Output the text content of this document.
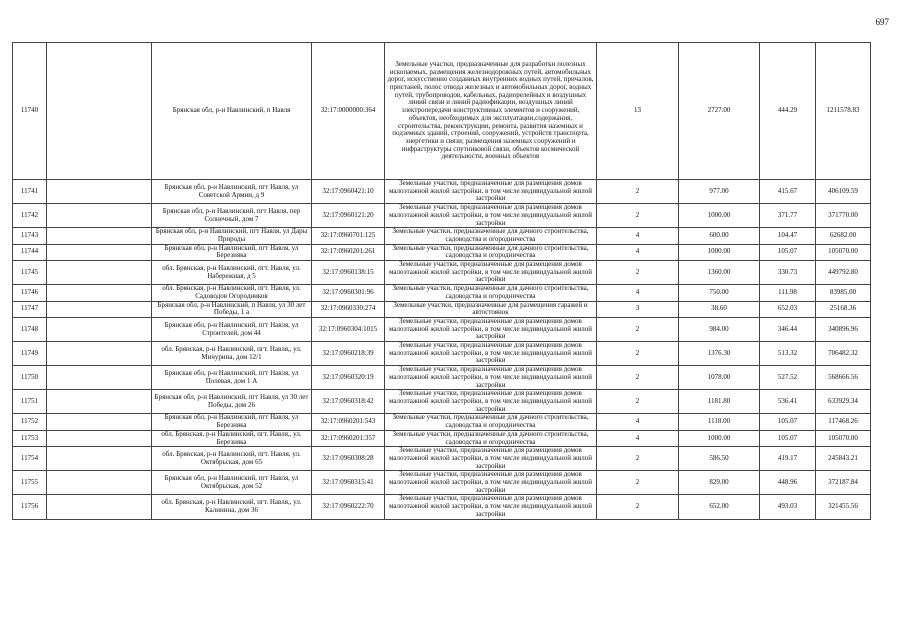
697
11740		Брянская обл, р-н Навлинский, п Навля	32:17:0000000:364	Земельные участки, предназначенные для разработки полезных ископаемых, размещения железнодорожных путей, автомобильных дорог, искусственно созданных внутренних водных путей, причалов, пристаней, полос отвода железных и автомобильных дорог, водных путей, трубопроводов, кабельных, радиорелейных и воздушных линий связи и линий радиофикации, воздушных линий электропередачи конструктивных элементов и сооружений, объектов, необходимых для эксплуатации,содержания, строительства, реконструкции, ремонта, развития наземных и подземных зданий, строений, сооружений, устройств транспорта, энергетики и связи; размещения наземных сооружений и инфраструктуры спутниковой связи, объектов космической деятельности, военных объектов	13	2727.00	444.29	1211578.83
11741		Брянская обл, р-н Навлинский, пгт Навля, ул Советской Армии, д 9	32:17:0960421:10	Земельные участки, предназначенные для размещения домов малоэтажной жилой застройки, в том числе индивидуальной жилой застройки	2	977.00	415.67	406109.59
11742		Брянская обл, р-н Навлинский, пгт Навля, пер Солнечный, дом 7	32:17:0960121:20	Земельные участки, предназначенные для размещения домов малоэтажной жилой застройки, в том числе индивидуальной жилой застройки	2	1000.00	371.77	371770.00
11743		Брянская обл, р-н Навлинский, пгт Навля, ул Дары Природы	32:17:0960701:125	Земельные участки, предназначенные для дачного строительства, садоводства и огородничества	4	600.00	104.47	62682.00
11744		Брянская обл, р-н Навлинский, пгт Навля, ул Березняка	32:17:0960201:261	Земельные участки, предназначенные для дачного строительства, садоводства и огородничества	4	1000.00	105.07	105070.00
11745		обл. Брянская, р-н Навлинский, пгт. Навля, ул. Набережная, д 5	32:17:0960138:15	Земельные участки, предназначенные для размещения домов малоэтажной жилой застройки, в том числе индивидуальной жилой застройки	2	1360.00	330.73	449792.80
11746		обл. Брянская, р-н Навлинский, пгт. Навля, ул. Садоводов Огородников	32:17:0960301:96	Земельные участки, предназначенные для дачного строительства, садоводства и огородничества	4	750.00	111.98	83985.00
11747		Брянская обл, р-н Навлинский, п Навля, ул 30 лет Победы, 1 а	32:17:0960330:274	Земельные участки, предназначенные для размещения гаражей и автостоянок	3	38.60	652.03	25168.36
11748		Брянская обл, р-н Навлинский, пгт Навля, ул Строителей, дом 44	32:17:0960304:1015	Земельные участки, предназначенные для размещения домов малоэтажной жилой застройки, в том числе индивидуальной жилой застройки	2	984.00	346.44	340896.96
11749		обл. Брянская, р-н Навлинский, пгт. Навля,, ул. Мичурина, дом 12/1	32:17:0960218:39	Земельные участки, предназначенные для размещения домов малоэтажной жилой застройки, в том числе индивидуальной жилой застройки	2	1376.30	513.32	706482.32
11750		Брянская обл, р-н Навлинский, пгт Навля, ул Полевая, дом 1 А	32:17:0960320:19	Земельные участки, предназначенные для размещения домов малоэтажной жилой застройки, в том числе индивидуальной жилой застройки	2	1078.00	527.52	568666.56
11751		Брянская обл, р-н Навлинский, пгт Навля, ул 30 лет Победы, дом 26	32:17:0960318:42	Земельные участки, предназначенные для размещения домов малоэтажной жилой застройки, в том числе индивидуальной жилой застройки	2	1181.80	536.41	633929.34
11752		Брянская обл, р-н Навлинский, пгт Навля, ул Березняка	32:17:0960201:543	Земельные участки, предназначенные для дачного строительства, садоводства и огородничества	4	1118.00	105.07	117468.26
11753		обл. Брянская, р-н Навлинский, пгт. Навля,, ул. Березняка	32:17:0960201:357	Земельные участки, предназначенные для дачного строительства, садоводства и огородничества	4	1000.00	105.07	105070.00
11754		обл. Брянская, р-н Навлинский, пгт. Навля, ул. Октябрьская, дом 65	32:17:0960308:28	Земельные участки, предназначенные для размещения домов малоэтажной жилой застройки, в том числе индивидуальной жилой застройки	2	586.50	419.17	245843.21
11755		Брянская обл, р-н Навлинский, пгт Навля, ул Октябрьская, дом 52	32:17:0960315:41	Земельные участки, предназначенные для размещения домов малоэтажной жилой застройки, в том числе индивидуальной жилой застройки	2	829.00	448.96	372187.84
11756		обл. Брянская, р-н Навлинский, пгт. Навля,, ул. Калинина, дом 36	32:17:0960222:70	Земельные участки, предназначенные для размещения домов малоэтажной жилой застройки, в том числе индивидуальной жилой застройки	2	652.00	493.03	321455.56
